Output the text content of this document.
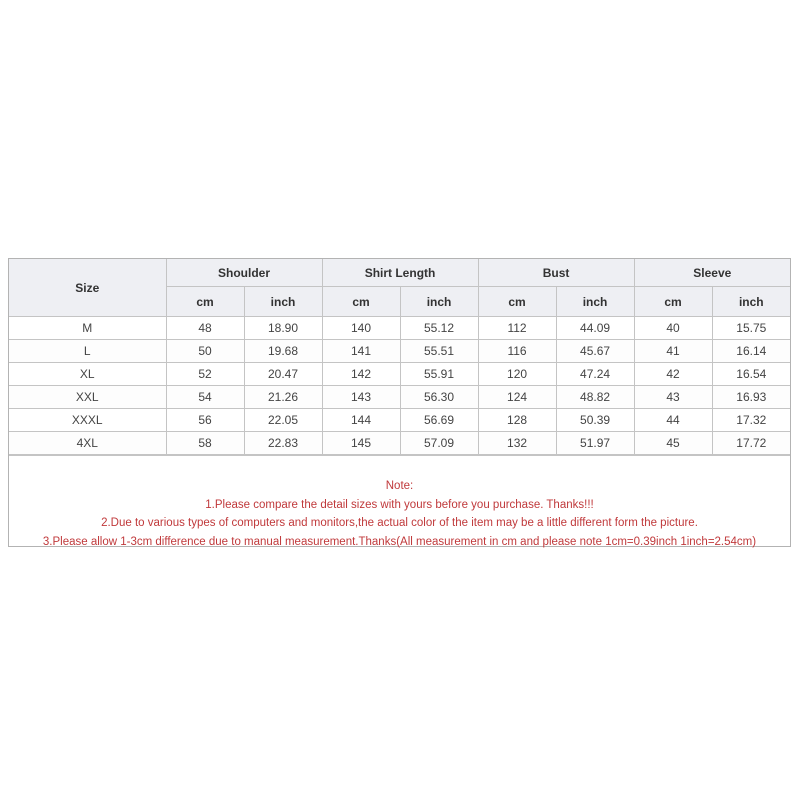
Size	Shoulder		Shirt Length		Bust		Sleeve	
	cm	inch	cm	inch	cm	inch	cm	inch
M	48	18.90	140	55.12	112	44.09	40	15.75
L	50	19.68	141	55.51	116	45.67	41	16.14
XL	52	20.47	142	55.91	120	47.24	42	16.54
XXL	54	21.26	143	56.30	124	48.82	43	16.93
XXXL	56	22.05	144	56.69	128	50.39	44	17.32
4XL	58	22.83	145	57.09	132	51.97	45	17.72
Note:
1.Please compare the detail sizes with yours before you purchase. Thanks!!!
2.Due to various types of computers and monitors,the actual color of the item may be a little different form the picture.
3.Please allow 1-3cm difference due to manual measurement.Thanks(All measurement in cm and please note 1cm=0.39inch 1inch=2.54cm)
